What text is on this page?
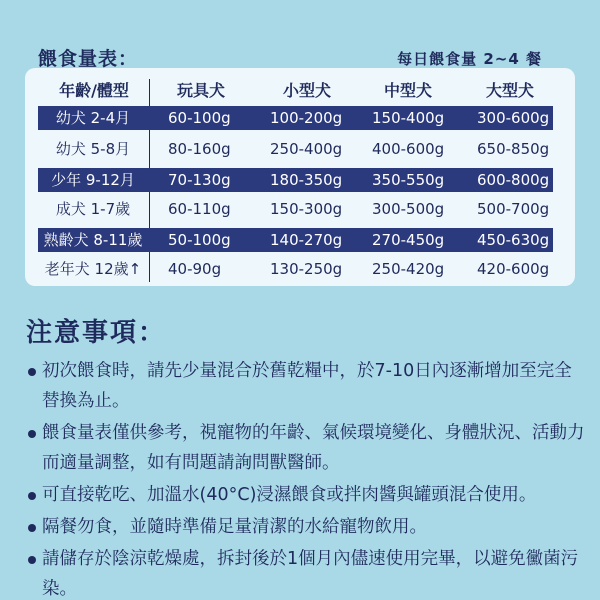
餵食量表：	每日餵食量 2~4 餐
年齡/體型	玩具犬	小型犬	中型犬	大型犬
幼犬 2-4月	60-100g	100-200g 150-400g 300-600g
幼犬 5-8月	80-160g	250-400g 400-600g 650-850g
少年 9-12月	70-130g	180-350g 350-550g 600-800g
成犬 1-7歲	60-110g	150-300g 300-500g 500-700g
熟齡犬 8-11歲	50-100g	140-270g 270-450g 450-630g
老年犬 12歲↑	40-90g	130-250g 250-420g 420-600g
注意事項：
初次餵食時，請先少量混合於舊乾糧中，於7-10日內逐漸增加至完全替換為止。
餵食量表僅供參考，視寵物的年齡、氣候環境變化、身體狀況、活動力而適量調整，如有問題請詢問獸醫師。
可直接乾吃、加溫水(40°C)浸濕餵食或拌肉醬與罐頭混合使用。
隔餐勿食，並隨時準備足量清潔的水給寵物飲用。
請儲存於陰涼乾燥處，拆封後於1個月內儘速使用完畢，以避免黴菌污染。
